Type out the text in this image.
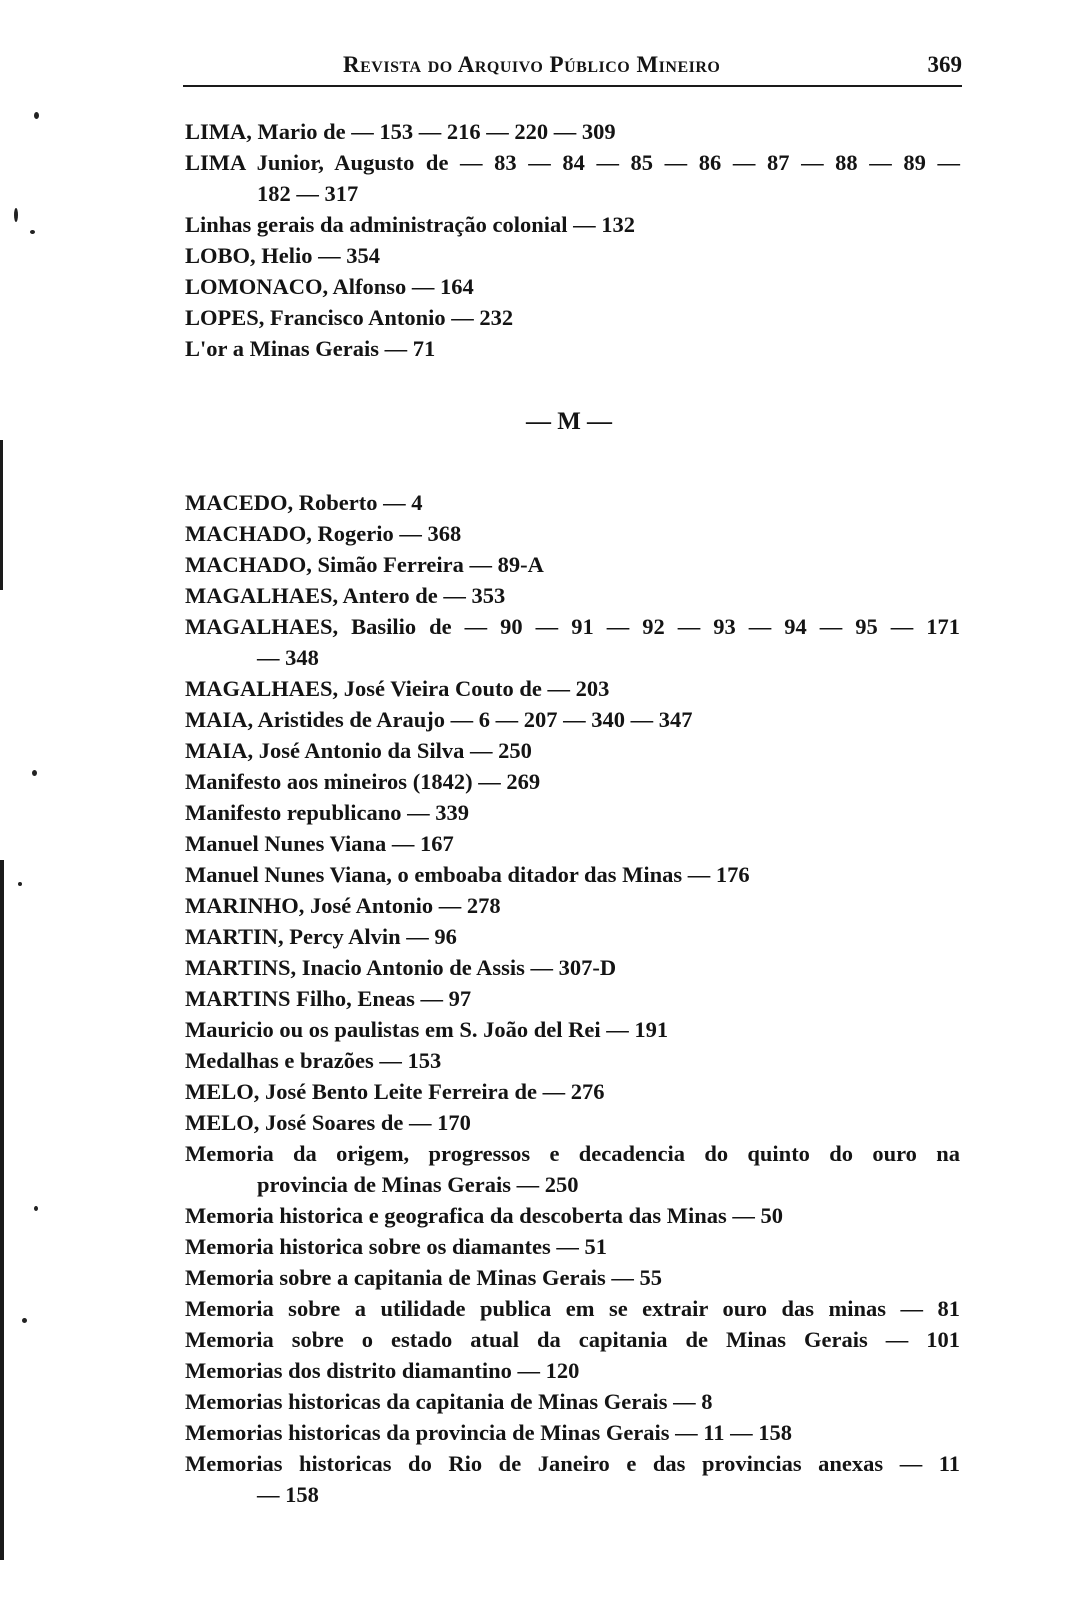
Revista do Arquivo Público Mineiro	369
LIMA, Mario de — 153 — 216 — 220 — 309
LIMA Junior, Augusto de — 83 — 84 — 85 — 86 — 87 — 88 — 89 —
182 — 317
Linhas gerais da administração colonial — 132
LOBO, Helio — 354
LOMONACO, Alfonso — 164
LOPES, Francisco Antonio — 232
L'or a Minas Gerais — 71
— M —
MACEDO, Roberto — 4
MACHADO, Rogerio — 368
MACHADO, Simão Ferreira — 89-A
MAGALHAES, Antero de — 353
MAGALHAES, Basilio de — 90 — 91 — 92 — 93 — 94 — 95 — 171
— 348
MAGALHAES, José Vieira Couto de — 203
MAIA, Aristides de Araujo — 6 — 207 — 340 — 347
MAIA, José Antonio da Silva — 250
Manifesto aos mineiros (1842) — 269
Manifesto republicano — 339
Manuel Nunes Viana — 167
Manuel Nunes Viana, o emboaba ditador das Minas — 176
MARINHO, José Antonio — 278
MARTIN, Percy Alvin — 96
MARTINS, Inacio Antonio de Assis — 307-D
MARTINS Filho, Eneas — 97
Mauricio ou os paulistas em S. João del Rei — 191
Medalhas e brazões — 153
MELO, José Bento Leite Ferreira de — 276
MELO, José Soares de — 170
Memoria da origem, progressos e decadencia do quinto do ouro na
provincia de Minas Gerais — 250
Memoria historica e geografica da descoberta das Minas — 50
Memoria historica sobre os diamantes — 51
Memoria sobre a capitania de Minas Gerais — 55
Memoria sobre a utilidade publica em se extrair ouro das minas — 81
Memoria sobre o estado atual da capitania de Minas Gerais — 101
Memorias dos distrito diamantino — 120
Memorias historicas da capitania de Minas Gerais — 8
Memorias historicas da provincia de Minas Gerais — 11 — 158
Memorias historicas do Rio de Janeiro e das provincias anexas — 11
— 158
